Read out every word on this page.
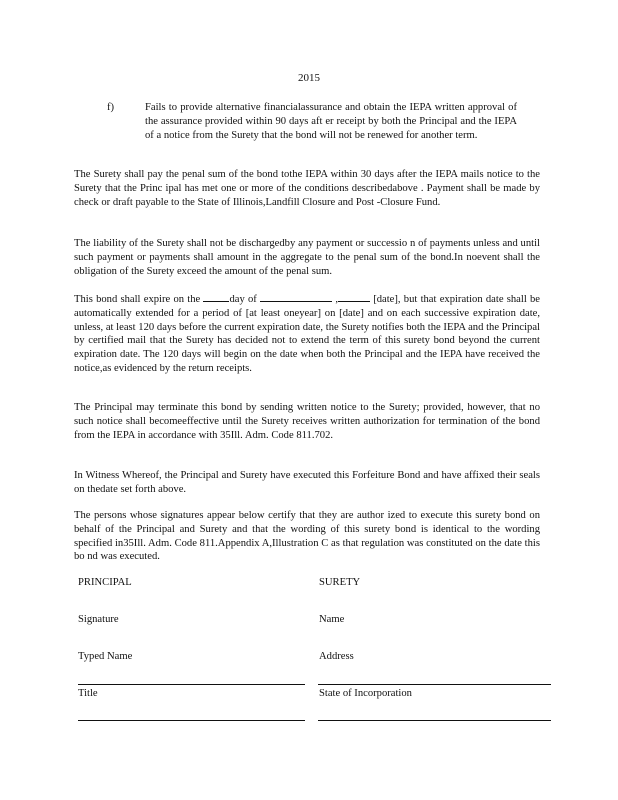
2015
f)	Fails to provide alternative financialassurance and obtain the IEPA written approval of the assurance provided within 90 days aft er receipt by both the Principal and the IEPA of a notice from the Surety that the bond will not be renewed for another term.

The Surety shall pay the penal sum of the bond tothe IEPA within 30 days after the IEPA mails notice to the Surety that the Princ ipal has met one or more of the conditions describedabove . Payment shall be made by check or draft payable to the State of Illinois,Landfill Closure and Post -Closure Fund.

The liability of the Surety shall not be dischargedby any payment or successio n of payments unless and until such payment or payments shall amount in the aggregate to the penal sum of the bond.In noevent shall the obligation of the Surety exceed the amount of the penal sum.

This bond shall expire on the day of	,	[date], but that expiration date shall be automatically extended for a period of [at least oneyear] on [date] and on each successive expiration date, unless, at least 120 days before the current expiration date, the Surety notifies both the IEPA and the Principal by certified mail that the Surety has decided not to extend the term of this surety bond beyond the current expiration date. The 120 days will begin on the date when both the Principal and the IEPA have received the notice,as evidenced by the return receipts.

The Principal may terminate this bond by sending written notice to the Surety; provided, however, that no such notice shall becomeeffective until the Surety receives written authorization for termination of the bond from the IEPA in accordance with 35Ill. Adm. Code 811.702.

In Witness Whereof, the Principal and Surety have executed this Forfeiture Bond and have affixed their seals on thedate set forth above.

The persons whose signatures appear below certify that they are author ized to execute this surety bond on behalf of the Principal and Surety and that the wording of this surety bond is identical to the wording specified in35Ill. Adm. Code 811.Appendix A,Illustration C as that regulation was constituted on the date this bo nd was executed.

PRINCIPAL	SURETY
Signature	Name
Typed Name	Address
Title	State of Incorporation
